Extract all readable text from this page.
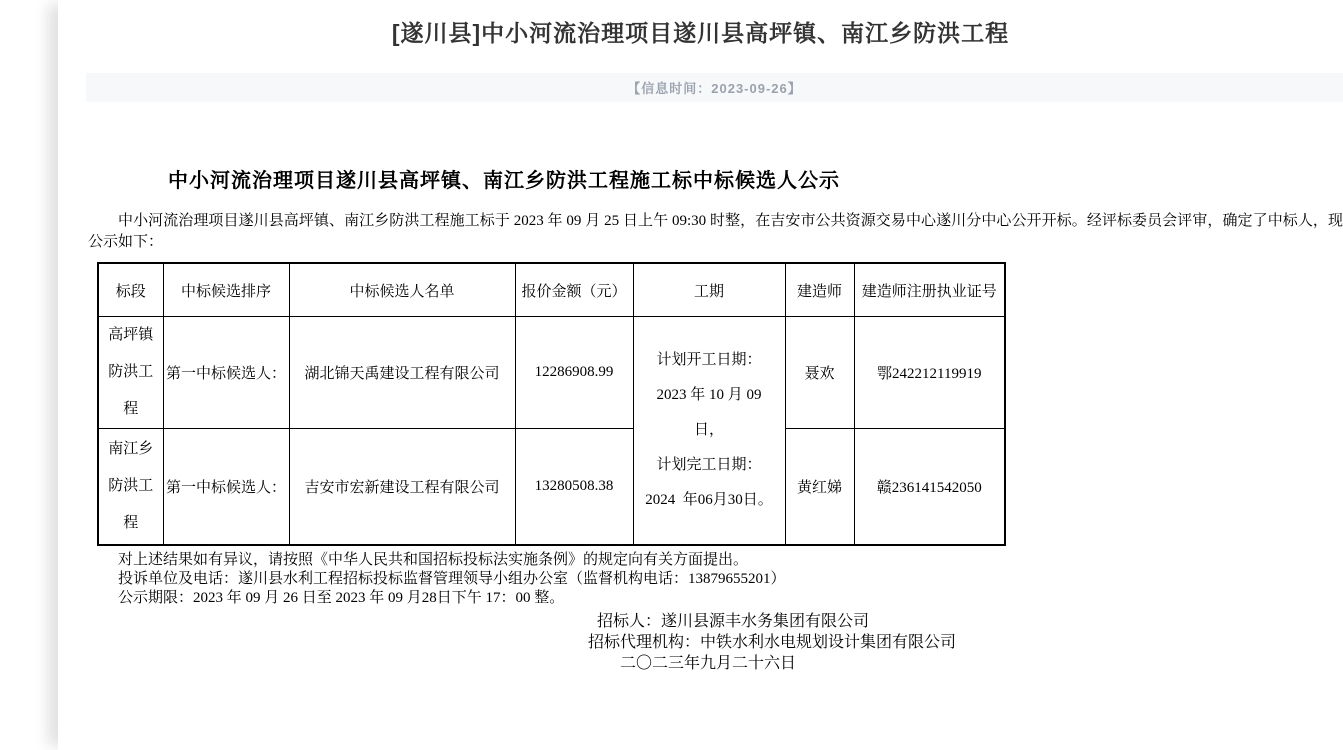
[遂川县]中小河流治理项目遂川县高坪镇、南江乡防洪工程
【信息时间：2023-09-26】
中小河流治理项目遂川县高坪镇、南江乡防洪工程施工标中标候选人公示

中小河流治理项目遂川县高坪镇、南江乡防洪工程施工标于 2023 年 09 月 25 日上午 09:30 时整，在吉安市公共资源交易中心遂川分中心公开开标。经评标委员会评审，确定了中标人，现公示如下：

标段	中标候选排序	中标候选人名单	报价金额（元）	工期	建造师	建造师注册执业证号
高坪镇防洪工程	第一中标候选人：	湖北锦天禹建设工程有限公司	12286908.99	计划开工日期：
2023 年 10 月 09
日，
计划完工日期：
2024  年06月30日。	聂欢	鄂242212119919
南江乡防洪工程	第一中标候选人：	吉安市宏新建设工程有限公司	13280508.38		黄红娣	赣236141542050

对上述结果如有异议，请按照《中华人民共和国招标投标法实施条例》的规定向有关方面提出。

投诉单位及电话：遂川县水利工程招标投标监督管理领导小组办公室（监督机构电话：13879655201）

公示期限：2023 年 09 月 26 日至 2023 年 09 月28日下午 17：00 整。

招标人：遂川县源丰水务集团有限公司

招标代理机构：中铁水利水电规划设计集团有限公司

二〇二三年九月二十六日
